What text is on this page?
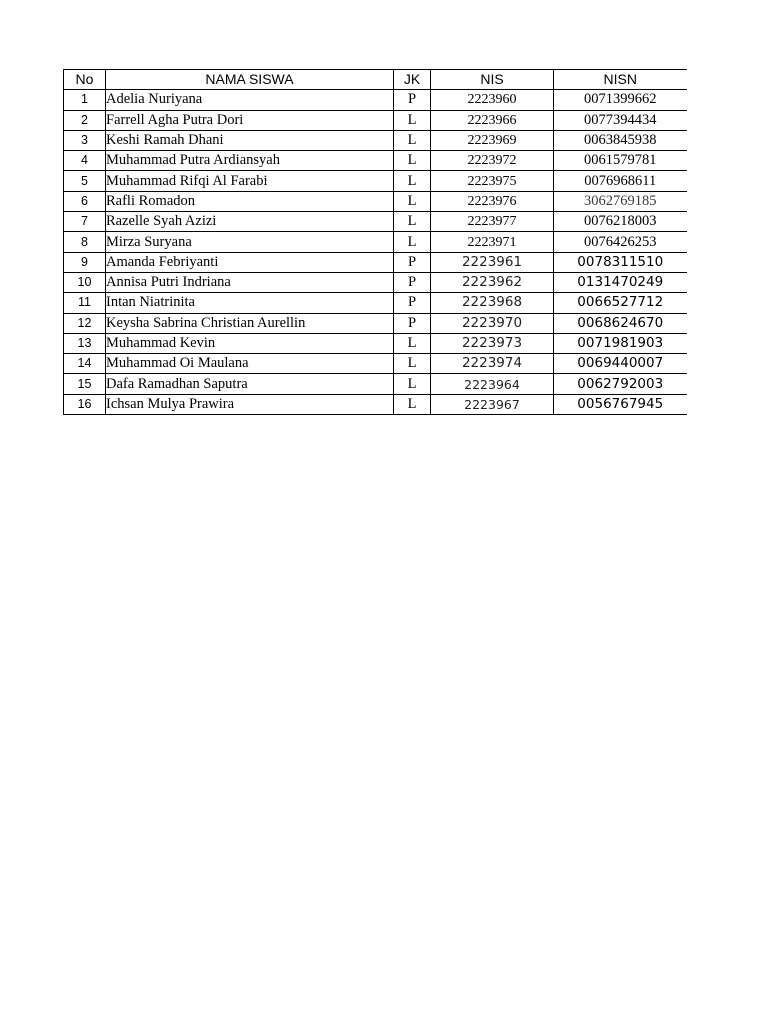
No	NAMA SISWA	JK	NIS	NISN
1	Adelia Nuriyana	P	2223960	0071399662
2	Farrell Agha Putra Dori	L	2223966	0077394434
3	Keshi Ramah Dhani	L	2223969	0063845938
4	Muhammad Putra Ardiansyah	L	2223972	0061579781
5	Muhammad Rifqi Al Farabi	L	2223975	0076968611
6	Rafli Romadon	L	2223976	3062769185
7	Razelle Syah Azizi	L	2223977	0076218003
8	Mirza Suryana	L	2223971	0076426253
9	Amanda Febriyanti	P	2223961	0078311510
10	Annisa Putri Indriana	P	2223962	0131470249
11	Intan Niatrinita	P	2223968	0066527712
12	Keysha Sabrina Christian Aurellin	P	2223970	0068624670
13	Muhammad Kevin	L	2223973	0071981903
14	Muhammad Oi Maulana	L	2223974	0069440007
15	Dafa Ramadhan Saputra	L	2223964	0062792003
16	Ichsan Mulya Prawira	L	2223967	0056767945
